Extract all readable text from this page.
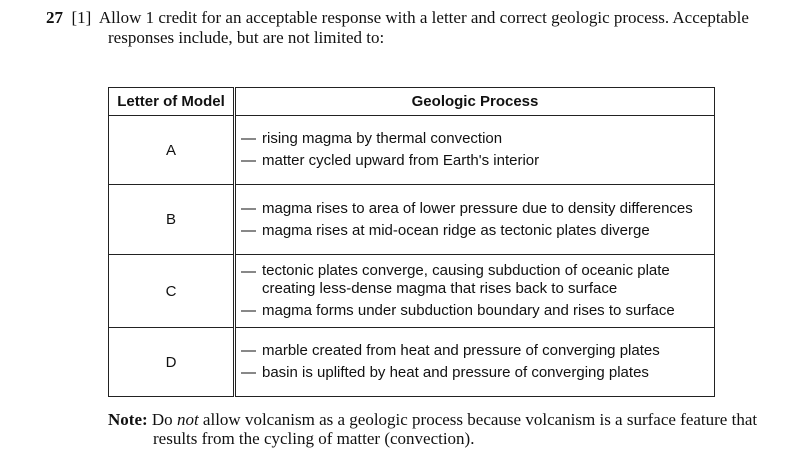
27 [1] Allow 1 credit for an acceptable response with a letter and correct geologic process. Acceptable
responses include, but are not limited to:
Letter of Model	Geologic Process
A	— rising magma by thermal convection
— matter cycled upward from Earth's interior

B	— magma rises to area of lower pressure due to density differences
— magma rises at mid-ocean ridge as tectonic plates diverge

C	— tectonic plates converge, causing subduction of oceanic plate creating less-dense magma that rises back to surface
— magma forms under subduction boundary and rises to surface

D	— marble created from heat and pressure of converging plates
— basin is uplifted by heat and pressure of converging plates
Note: Do not allow volcanism as a geologic process because volcanism is a surface feature that
results from the cycling of matter (convection).
